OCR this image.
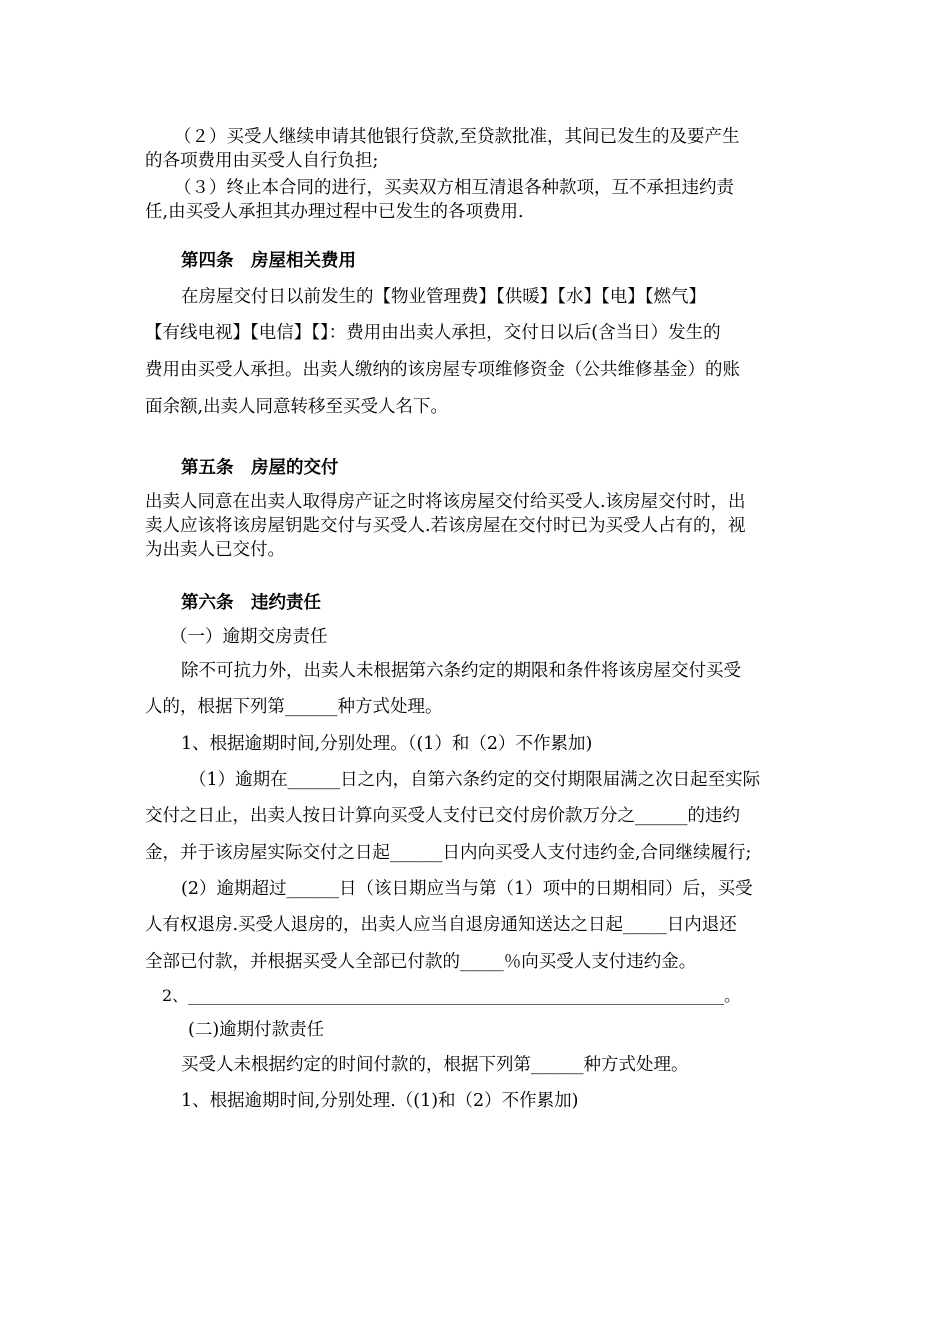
（２）买受人继续申请其他银行贷款,至贷款批准，其间已发生的及要产生
的各项费用由买受人自行负担;
（３）终止本合同的进行，买卖双方相互清退各种款项，互不承担违约责
任,由买受人承担其办理过程中已发生的各项费用.
第四条　房屋相关费用
在房屋交付日以前发生的【物业管理费】【供暖】【水】【电】【燃气】
【有线电视】【电信】【】：费用由出卖人承担，交付日以后(含当日）发生的
费用由买受人承担。出卖人缴纳的该房屋专项维修资金（公共维修基金）的账
面余额,出卖人同意转移至买受人名下。
第五条　房屋的交付
出卖人同意在出卖人取得房产证之时将该房屋交付给买受人.该房屋交付时，出
卖人应该将该房屋钥匙交付与买受人.若该房屋在交付时已为买受人占有的，视
为出卖人已交付。
第六条　违约责任
（一）逾期交房责任
除不可抗力外，出卖人未根据第六条约定的期限和条件将该房屋交付买受
人的，根据下列第______种方式处理。
1、根据逾期时间,分别处理。（(1）和（2）不作累加)
（1）逾期在______日之内，自第六条约定的交付期限届满之次日起至实际
交付之日止，出卖人按日计算向买受人支付已交付房价款万分之______的违约
金，并于该房屋实际交付之日起______日内向买受人支付违约金,合同继续履行;
(2）逾期超过______日（该日期应当与第（1）项中的日期相同）后，买受
人有权退房.买受人退房的，出卖人应当自退房通知送达之日起_____日内退还
全部已付款，并根据买受人全部已付款的_____％向买受人支付违约金。
2、___________________________________________________________________。
(二)逾期付款责任
买受人未根据约定的时间付款的，根据下列第______种方式处理。
1、根据逾期时间,分别处理.（(1)和（2）不作累加)
